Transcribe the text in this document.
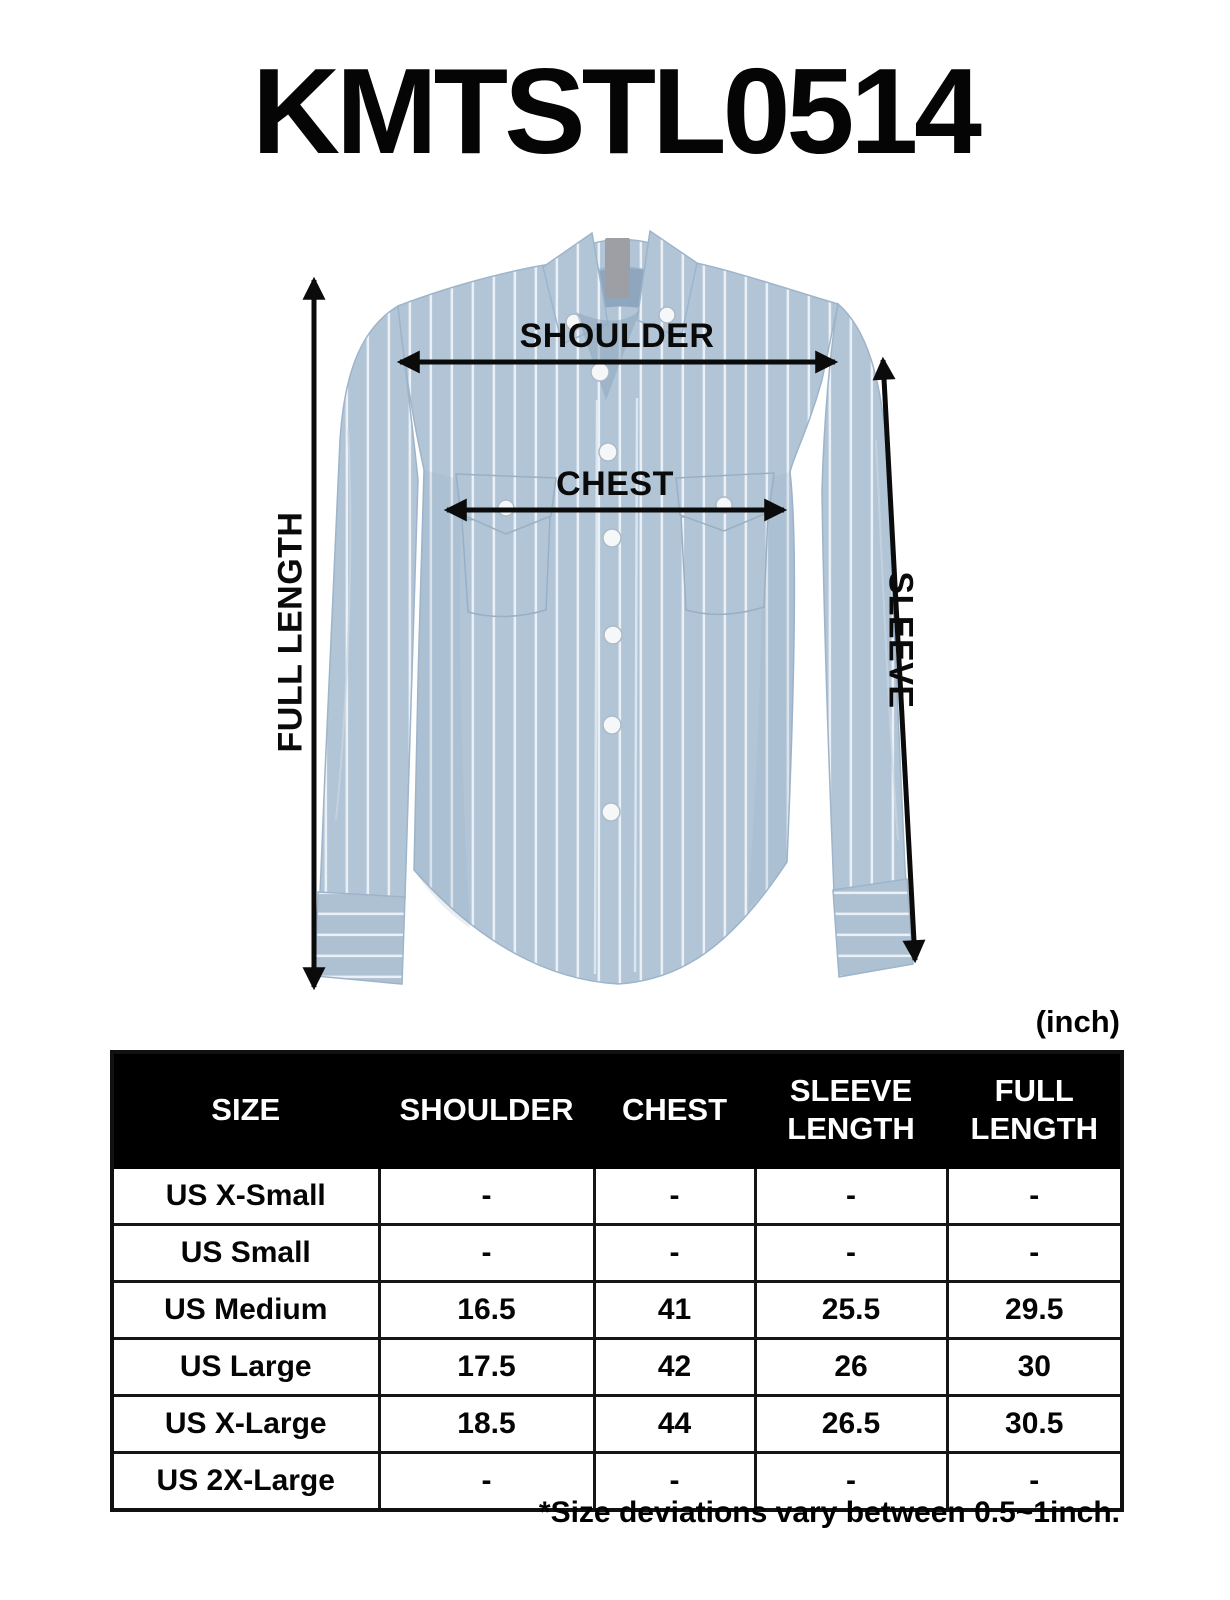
KMTSTL0514
SHOULDER
CHEST
FULL LENGTH	SLEEVE
(inch)
SIZE	SHOULDER	CHEST	SLEEVE LENGTH	FULL LENGTH
US X-Small	-	-	-	-
US Small	-	-	-	-
US Medium	16.5	41	25.5	29.5
US Large	17.5	42	26	30
US X-Large	18.5	44	26.5	30.5
US 2X-Large	-	-	-	-
*Size deviations vary between 0.5~1inch.
